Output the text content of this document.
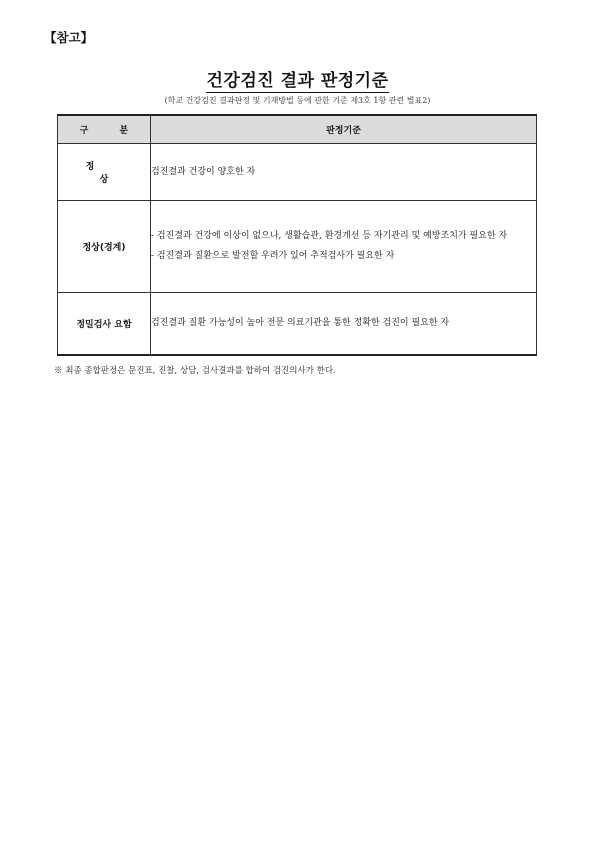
【참고】
건강검진 결과 판정기준
(학교 건강검진 결과판정 및 기재방법 등에 관한 기준 제3호 1항 관련 별표2)
구 분	판정기준
정 상	검진결과 건강이 양호한 자

정상(경계)	- 검진결과 건강에 이상이 없으나, 생활습관, 환경개선 등 자기관리 및 예방조치가 필요한 자
- 검진결과 질환으로 발전할 우려가 있어 추적검사가 필요한 자

정밀검사 요함	검진결과 질환 가능성이 높아 전문 의료기관을 통한 정확한 검진이 필요한 자
※ 최종 종합판정은 문진표, 진찰, 상담, 검사결과를 합하여 검진의사가 한다.
